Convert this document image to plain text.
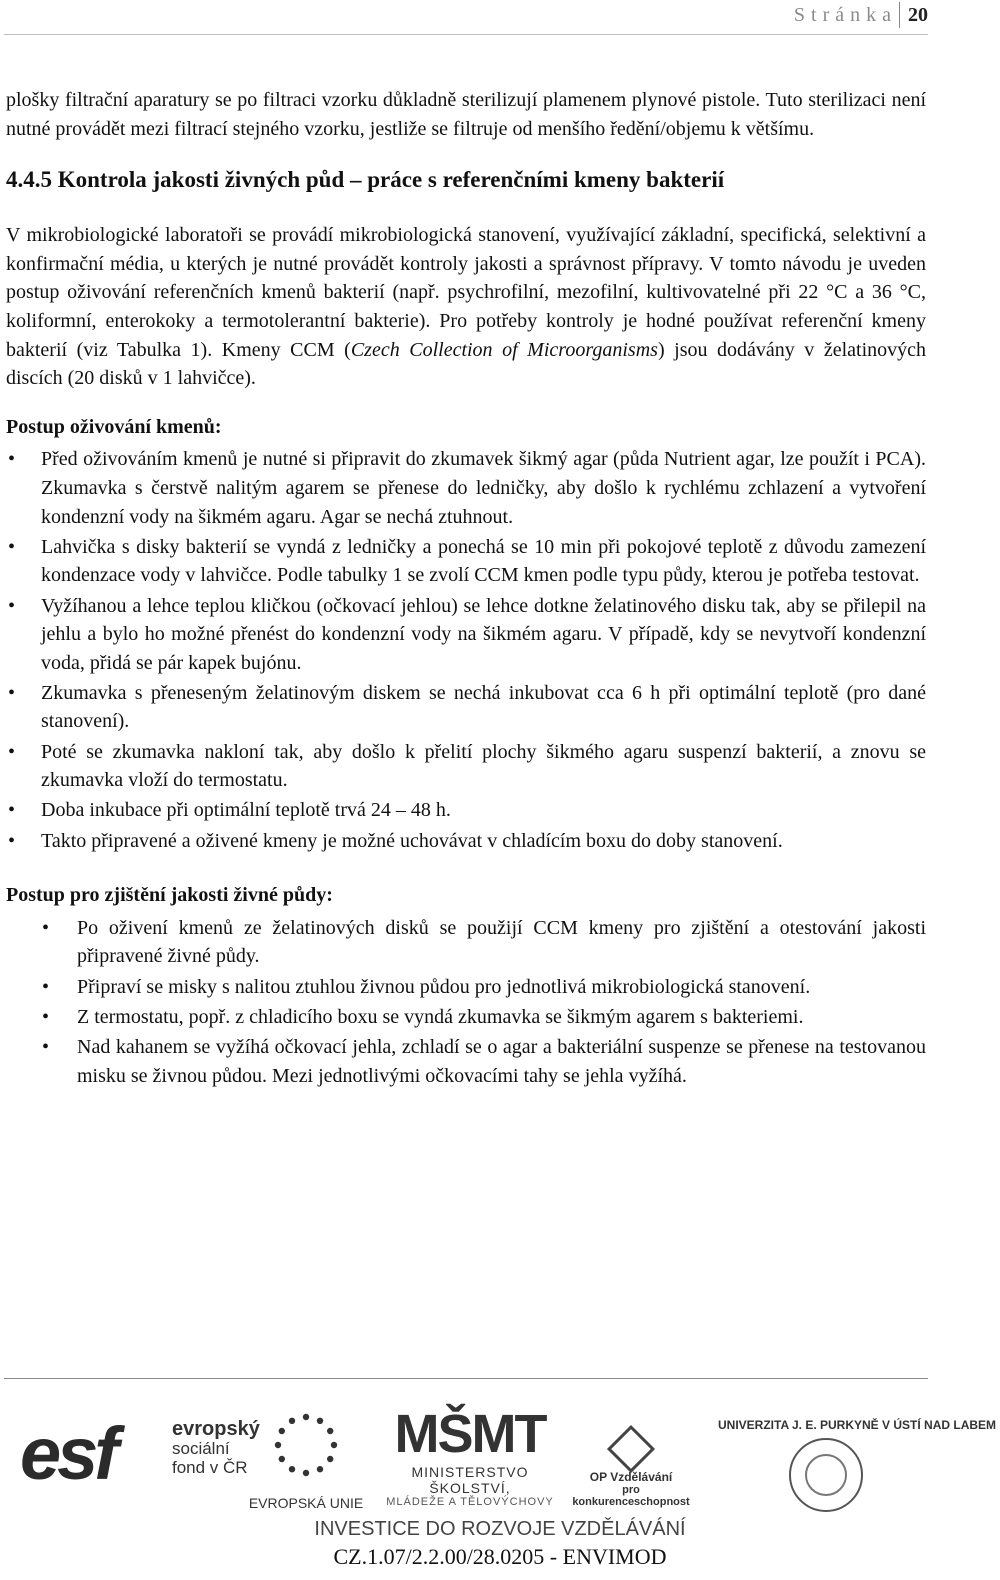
Stránka 20

plošky filtrační aparatury se po filtraci vzorku důkladně sterilizují plamenem plynové pistole. Tuto sterilizaci není nutné provádět mezi filtrací stejného vzorku, jestliže se filtruje od menšího ředění/objemu k většímu.

4.4.5 Kontrola jakosti živných půd – práce s referenčními kmeny bakterií

V mikrobiologické laboratoři se provádí mikrobiologická stanovení, využívající základní, specifická, selektivní a konfirmační média, u kterých je nutné provádět kontroly jakosti a správnost přípravy. V tomto návodu je uveden postup oživování referenčních kmenů bakterií (např. psychrofilní, mezofilní, kultivovatelné při 22 °C a 36 °C, koliformní, enterokoky a termotolerantní bakterie). Pro potřeby kontroly je hodné používat referenční kmeny bakterií (viz Tabulka 1). Kmeny CCM (Czech Collection of Microorganisms) jsou dodávány v želatinových discích (20 disků v 1 lahvičce).

Postup oživování kmenů:
• Před oživováním kmenů je nutné si připravit do zkumavek šikmý agar (půda Nutrient agar, lze použít i PCA). Zkumavka s čerstvě nalitým agarem se přenese do ledničky, aby došlo k rychlému zchlazení a vytvoření kondenzní vody na šikmém agaru. Agar se nechá ztuhnout.
• Lahvička s disky bakterií se vyndá z ledničky a ponechá se 10 min při pokojové teplotě z důvodu zamezení kondenzace vody v lahvičce. Podle tabulky 1 se zvolí CCM kmen podle typu půdy, kterou je potřeba testovat.
• Vyžíhanou a lehce teplou kličkou (očkovací jehlou) se lehce dotkne želatinového disku tak, aby se přilepil na jehlu a bylo ho možné přenést do kondenzní vody na šikmém agaru. V případě, kdy se nevytvoří kondenzní voda, přidá se pár kapek bujónu.
• Zkumavka s přeneseným želatinovým diskem se nechá inkubovat cca 6 h při optimální teplotě (pro dané stanovení).
• Poté se zkumavka nakloní tak, aby došlo k přelití plochy šikmého agaru suspenzí bakterií, a znovu se zkumavka vloží do termostatu.
• Doba inkubace při optimální teplotě trvá 24 – 48 h.
• Takto připravené a oživené kmeny je možné uchovávat v chladícím boxu do doby stanovení.
Postup pro zjištění jakosti živné půdy:
• Po oživení kmenů ze želatinových disků se použijí CCM kmeny pro zjištění a otestování jakosti připravené živné půdy.
• Připraví se misky s nalitou ztuhlou živnou půdou pro jednotlivá mikrobiologická stanovení.
• Z termostatu, popř. z chladicího boxu se vyndá zkumavka se šikmým agarem s bakteriemi.
• Nad kahanem se vyžíhá očkovací jehla, zchladí se o agar a bakteriální suspenze se přenese na testovanou misku se živnou půdou. Mezi jednotlivými očkovacími tahy se jehla vyžíhá.
esf	evropský
sociální
fond v ČR
EVROPSKÁ UNIE
MŠMT
MINISTERSTVO ŠKOLSTVÍ,
MLÁDEŽE A TĚLOVÝCHOVY
OP Vzdělávání
pro konkurenceschopnost
UNIVERZITA J. E. PURKYNĚ V ÚSTÍ NAD LABEM
INVESTICE DO ROZVOJE VZDĚLÁVÁNÍ
CZ.1.07/2.2.00/28.0205 - ENVIMOD
